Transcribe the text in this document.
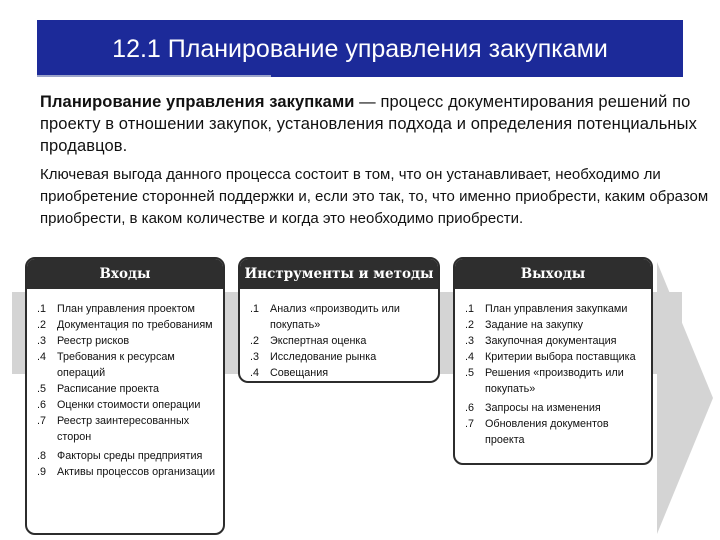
12.1 Планирование управления закупками
Планирование управления закупками — процесс документирования решений по проекту в отношении закупок, установления подхода и определения потенциальных продавцов.
Ключевая выгода данного процесса состоит в том, что он устанавливает, необходимо ли приобретение сторонней поддержки и, если это так, то, что именно приобрести, каким образом приобрести, в каком количестве и когда это необходимо приобрести.
Входы
.1 План управления проектом
.2 Документация по требованиям
.3 Реестр рисков
.4 Требования к ресурсам операций
.5 Расписание проекта
.6 Оценки стоимости операции
.7 Реестр заинтересованных сторон
.8 Факторы среды предприятия
.9 Активы процессов организации
Инструменты и методы
.1 Анализ «производить или покупать»
.2 Экспертная оценка
.3 Исследование рынка
.4 Совещания
Выходы
.1 План управления закупками
.2 Задание на закупку
.3 Закупочная документация
.4 Критерии выбора поставщика
.5 Решения «производить или покупать»
.6 Запросы на изменения
.7 Обновления документов проекта
